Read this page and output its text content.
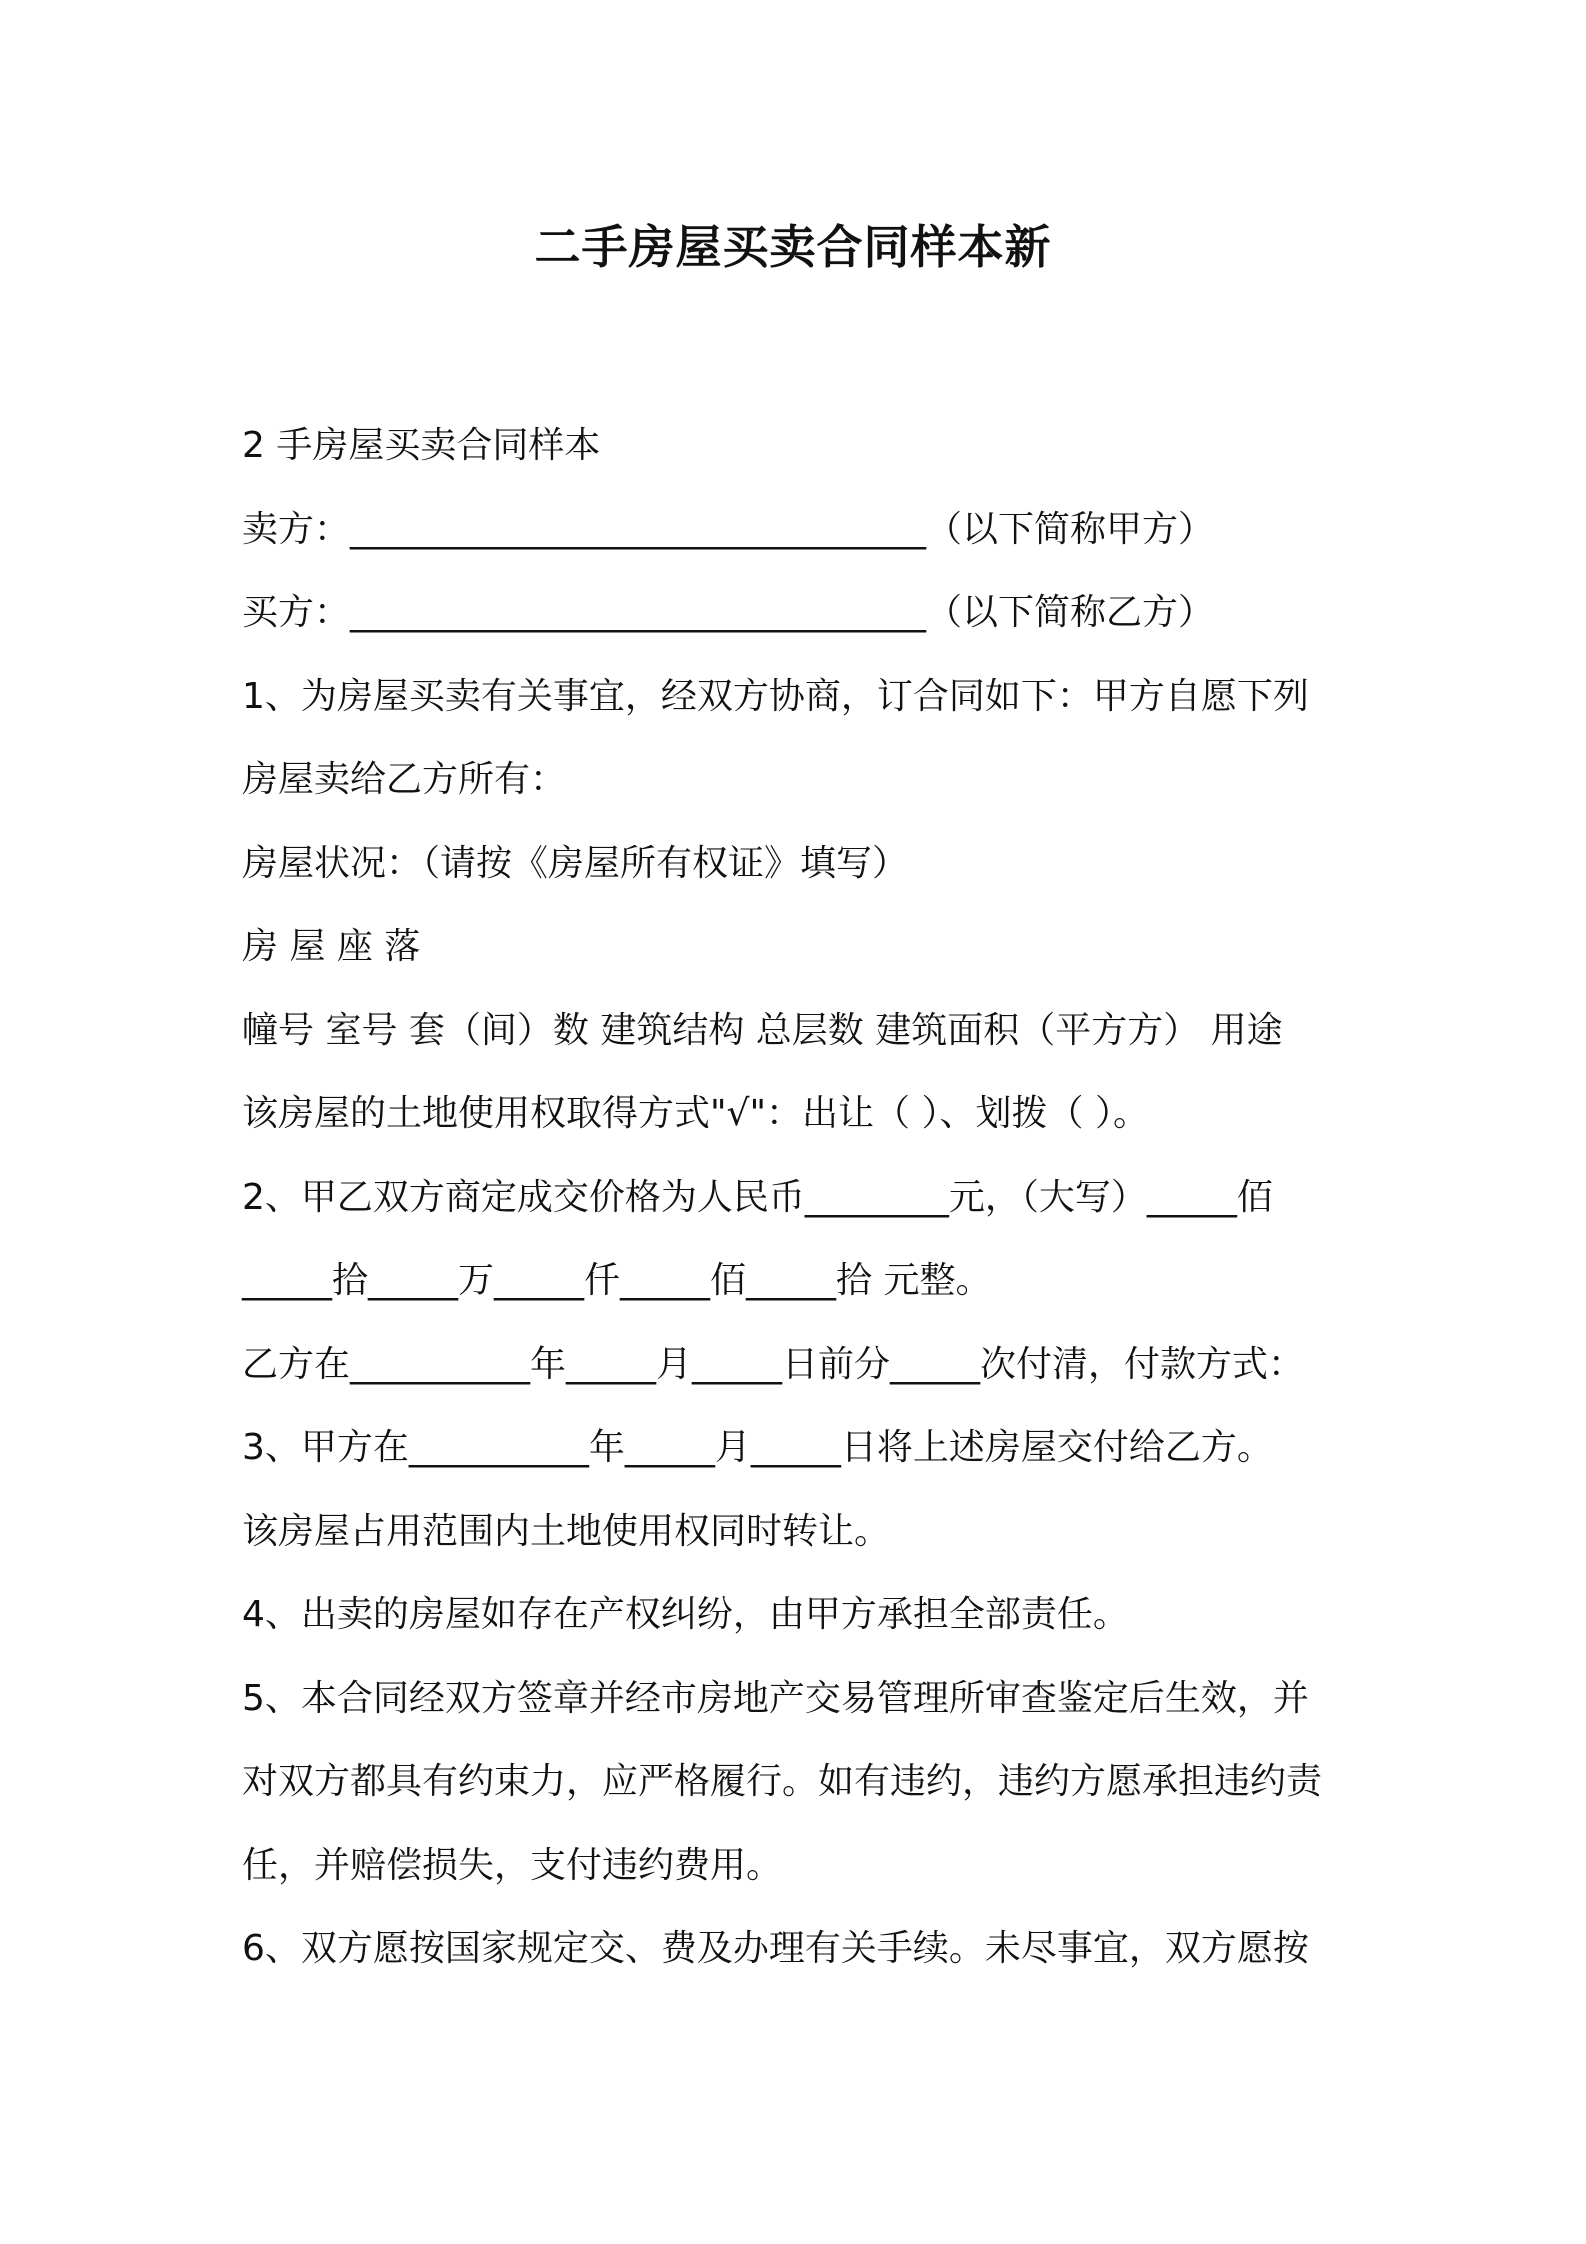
二手房屋买卖合同样本新

2 手房屋买卖合同样本

卖方：________________________________（以下简称甲方）

买方：________________________________（以下简称乙方）

1、为房屋买卖有关事宜，经双方协商，订合同如下：甲方自愿下列

房屋卖给乙方所有：

房屋状况：（请按《房屋所有权证》填写）

房 屋 座 落

幢号 室号 套（间）数 建筑结构 总层数 建筑面积（平方方） 用途

该房屋的土地使用权取得方式"√"：出让（ ）、划拨（ ）。

2、甲乙双方商定成交价格为人民币________元，（大写）_____佰

_____拾_____万_____仟_____佰_____拾 元整。

乙方在__________年_____月_____日前分_____次付清，付款方式：

3、甲方在__________年_____月_____日将上述房屋交付给乙方。

该房屋占用范围内土地使用权同时转让。

4、出卖的房屋如存在产权纠纷，由甲方承担全部责任。

5、本合同经双方签章并经市房地产交易管理所审查鉴定后生效，并

对双方都具有约束力，应严格履行。如有违约，违约方愿承担违约责

任，并赔偿损失，支付违约费用。

6、双方愿按国家规定交、费及办理有关手续。未尽事宜，双方愿按
